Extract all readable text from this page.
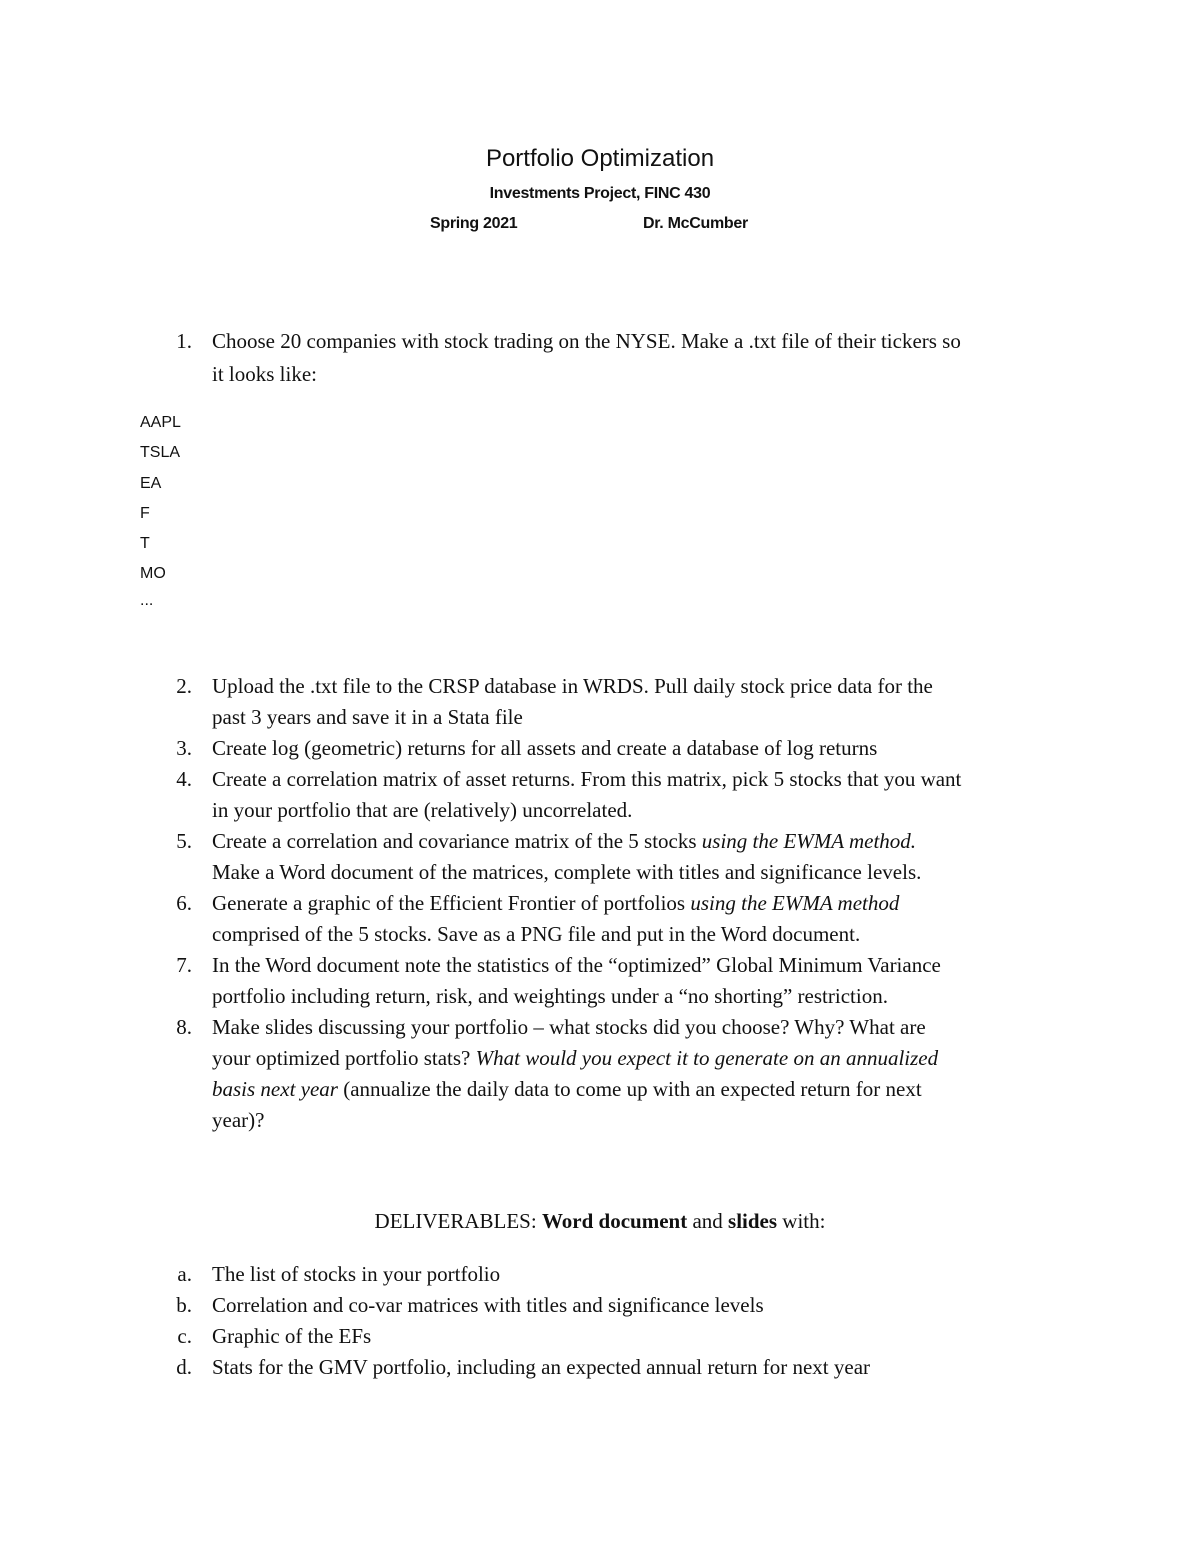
Portfolio Optimization
Investments Project, FINC 430
Spring 2021	Dr. McCumber
1. Choose 20 companies with stock trading on the NYSE. Make a .txt file of their tickers so
it looks like:
AAPL
TSLA
EA
F
T
MO
...
2. Upload the .txt file to the CRSP database in WRDS. Pull daily stock price data for the
past 3 years and save it in a Stata file
3. Create log (geometric) returns for all assets and create a database of log returns
4. Create a correlation matrix of asset returns. From this matrix, pick 5 stocks that you want
in your portfolio that are (relatively) uncorrelated.
5. Create a correlation and covariance matrix of the 5 stocks using the EWMA method.
Make a Word document of the matrices, complete with titles and significance levels.
6. Generate a graphic of the Efficient Frontier of portfolios using the EWMA method
comprised of the 5 stocks. Save as a PNG file and put in the Word document.
7. In the Word document note the statistics of the “optimized” Global Minimum Variance
portfolio including return, risk, and weightings under a “no shorting” restriction.
8. Make slides discussing your portfolio – what stocks did you choose? Why? What are
your optimized portfolio stats? What would you expect it to generate on an annualized
basis next year (annualize the daily data to come up with an expected return for next
year)?
DELIVERABLES: Word document and slides with:
a. The list of stocks in your portfolio
b. Correlation and co-var matrices with titles and significance levels
c. Graphic of the EFs
d. Stats for the GMV portfolio, including an expected annual return for next year
